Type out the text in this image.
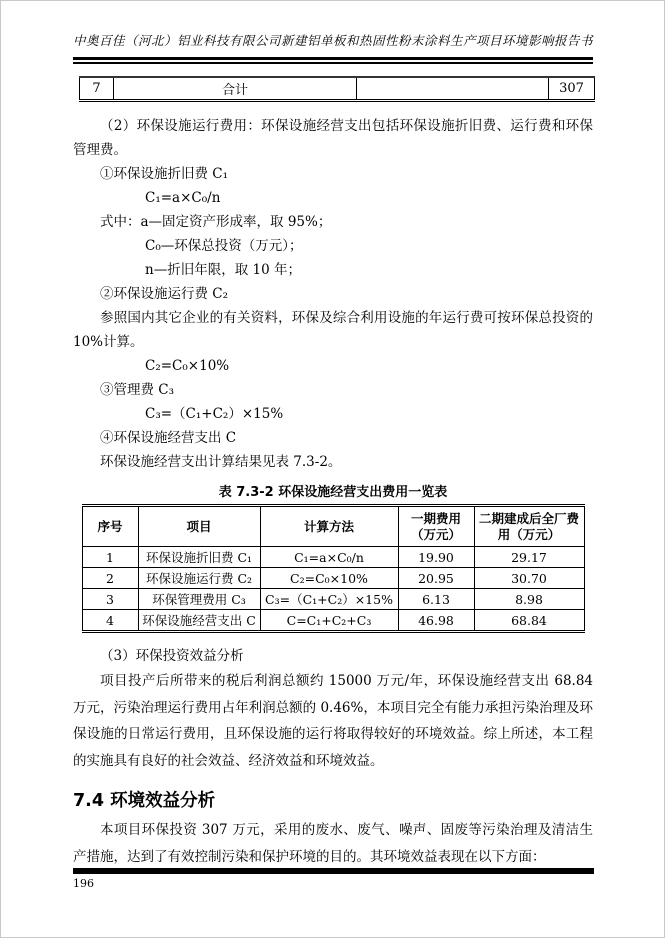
中奥百佳（河北）铝业科技有限公司新建铝单板和热固性粉末涂料生产项目环境影响报告书
7	合计		307

（2）环保设施运行费用：环保设施经营支出包括环保设施折旧费、运行费和环保管理费。

①环保设施折旧费 C₁

C₁=a×C₀/n

式中：a—固定资产形成率，取 95%；

C₀—环保总投资（万元）；

n—折旧年限，取 10 年；

②环保设施运行费 C₂

参照国内其它企业的有关资料，环保及综合利用设施的年运行费可按环保总投资的10%计算。

C₂=C₀×10%

③管理费 C₃

C₃=（C₁+C₂）×15%

④环保设施经营支出 C

环保设施经营支出计算结果见表 7.3-2。

表 7.3-2 环保设施经营支出费用一览表
序号	项目	计算方法	一期费用（万元）	二期建成后全厂费用（万元）
1	环保设施折旧费 C₁	C₁=a×C₀/n	19.90	29.17
2	环保设施运行费 C₂	C₂=C₀×10%	20.95	30.70
3	环保管理费用 C₃	C₃=（C₁+C₂）×15%	6.13	8.98
4	环保设施经营支出 C	C=C₁+C₂+C₃	46.98	68.84

（3）环保投资效益分析

项目投产后所带来的税后利润总额约 15000 万元/年，环保设施经营支出 68.84 万元，污染治理运行费用占年利润总额的 0.46%，本项目完全有能力承担污染治理及环保设施的日常运行费用，且环保设施的运行将取得较好的环境效益。综上所述，本工程的实施具有良好的社会效益、经济效益和环境效益。

7.4 环境效益分析

本项目环保投资 307 万元，采用的废水、废气、噪声、固废等污染治理及清洁生产措施，达到了有效控制污染和保护环境的目的。其环境效益表现在以下方面：

196
